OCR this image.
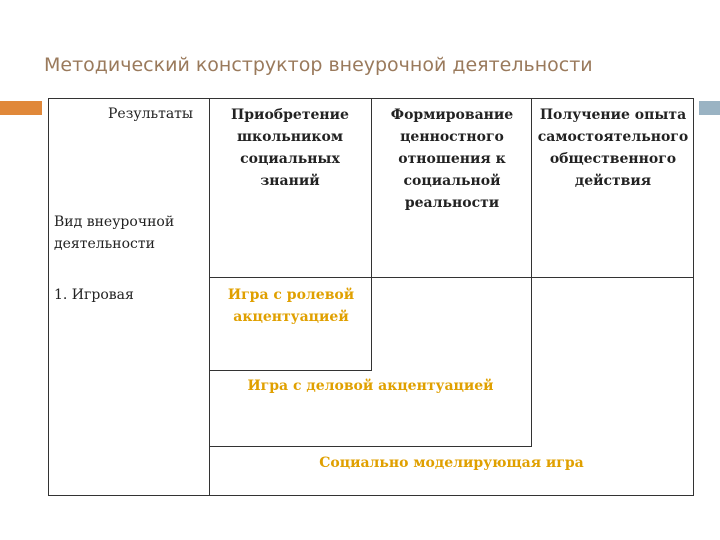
Методический конструктор внеурочной деятельности
Результаты	Приобретение школьником социальных знаний
Формирование ценностного отношения к социальной реальности
Получение опыта самостоятельного общественного действия
Вид внеурочной деятельности
1. Игровая	Игра с ролевой акцентуацией
Игра с деловой акцентуацией
Социально моделирующая игра
